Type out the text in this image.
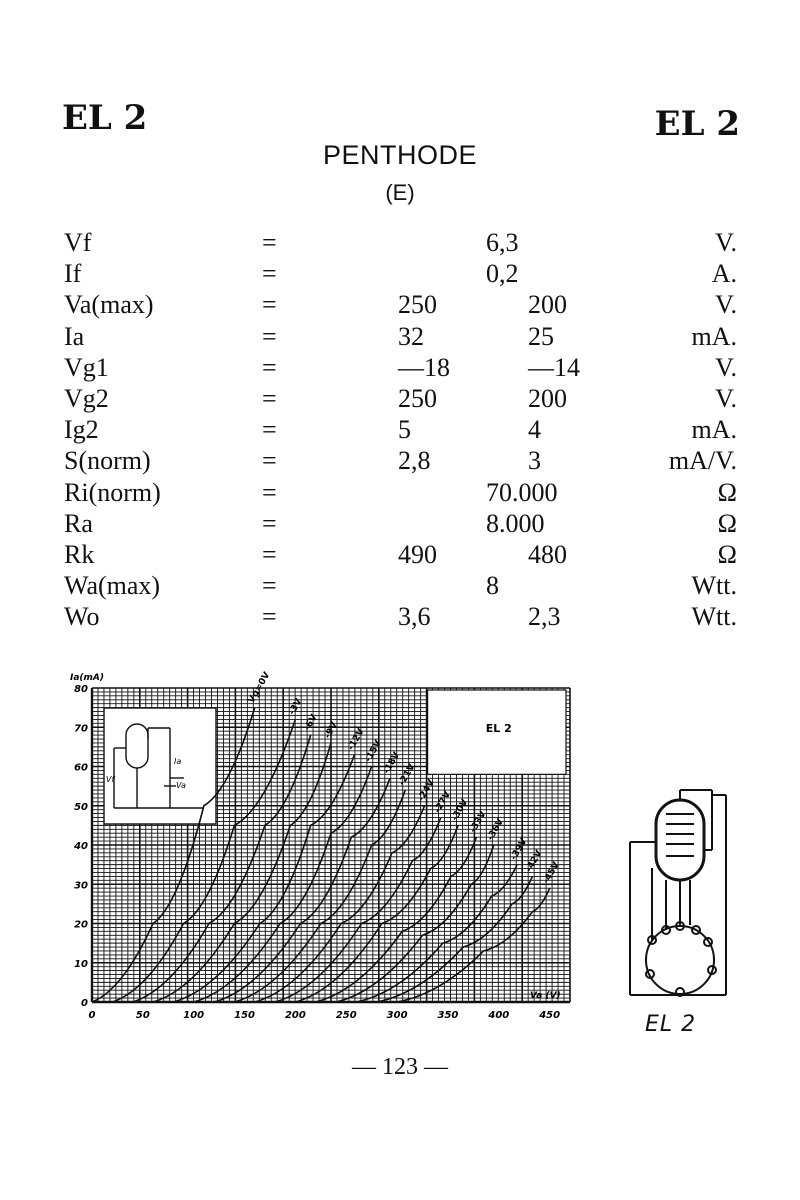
EL 2	EL 2
PENTHODE
(E)
Vf	=	6,3	V.
If	=	0,2	A.
Va(max)	=	250	200	V.
Ia	=	32	25	mA.
Vg1	=	—18	—14	V.
Vg2	=	250	200	V.
Ig2	=	5	4	mA.
S(norm)	=	2,8	3	mA/V.
Ri(norm)	=	70.000	Ω
Ra	=	8.000	Ω
Rk	=	490	480	Ω
Wa(max)	=	8	Wtt.
Wo	=	3,6	2,3	Wtt.
EL 2
Vf
Ia
Va
Vg=0V
-3V
-6V -9V -12V
-15V
-18V
-21V
-24V
-27V
-30V
-33V
-36V
-39V
-42V
-45V
0	50	100	150	200	250	300	350	400	450
0
10
20
30
40
50
60
70
80
Ia(mA)
Va (V)
EL 2
— 123 —
